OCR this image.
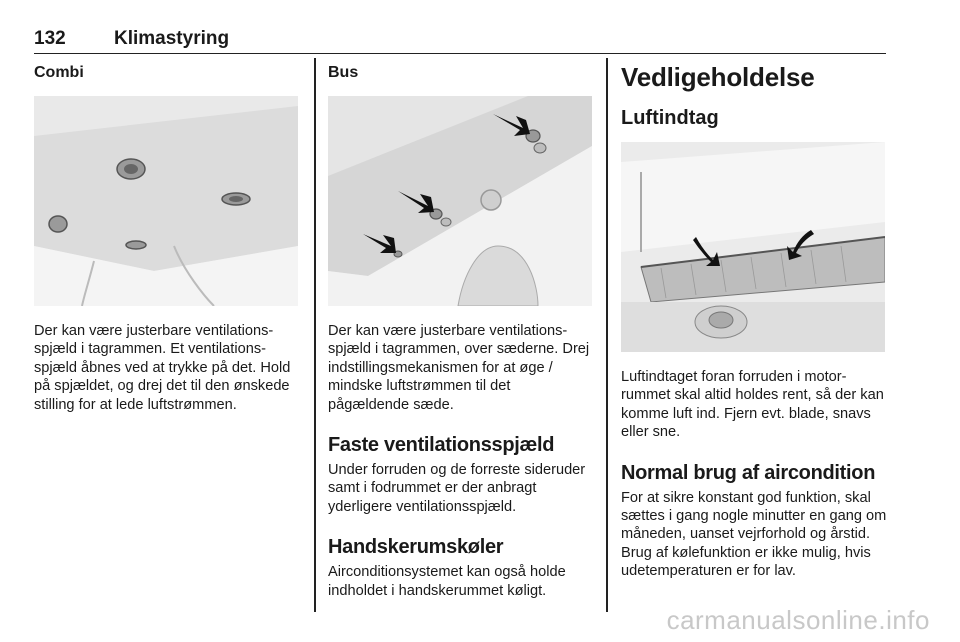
132	Klimastyring
Combi
Der kan være justerbare ventilationsspjæld i tagrammen. Et ventilationsspjæld åbnes ved at trykke på det. Hold på spjældet, og drej det til den ønskede stilling for at lede luftstrømmen.
Bus
Der kan være justerbare ventilationsspjæld i tagrammen, over sæderne. Drej indstillingsmekanismen for at øge / mindske luftstrømmen til det pågældende sæde.
Faste ventilationsspjæld
Under forruden og de forreste sideruder samt i fodrummet er der anbragt yderligere ventilationsspjæld.
Handskerumskøler
Airconditionsystemet kan også holde indholdet i handskerummet køligt.
Vedligeholdelse
Luftindtag
Luftindtaget foran forruden i motorrummet skal altid holdes rent, så der kan komme luft ind. Fjern evt. blade, snavs eller sne.
Normal brug af aircondition
For at sikre konstant god funktion, skal sættes i gang nogle minutter en gang om måneden, uanset vejrforhold og årstid. Brug af kølefunktion er ikke mulig, hvis udetemperaturen er for lav.
carmanualsonline.info
